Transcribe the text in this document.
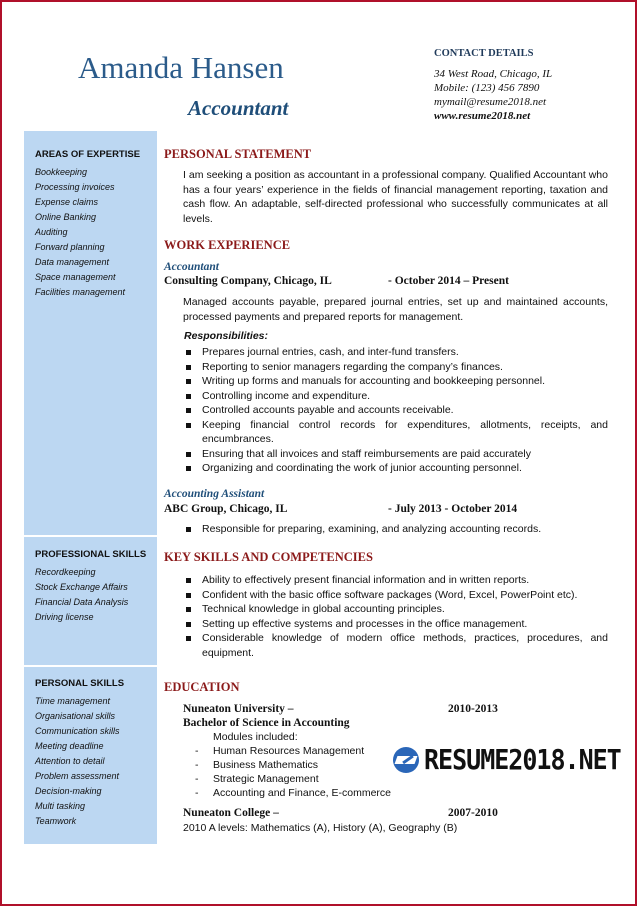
Amanda Hansen
Accountant
CONTACT DETAILS
34 West Road, Chicago, IL
Mobile: (123) 456 7890
mymail@resume2018.net
www.resume2018.net
AREAS OF EXPERTISE
Bookkeeping
Processing invoices
Expense claims
Online Banking
Auditing
Forward planning
Data management
Space management
Facilities management
PROFESSIONAL SKILLS
Recordkeeping
Stock Exchange Affairs
Financial Data Analysis
Driving license
PERSONAL SKILLS
Time management
Organisational skills
Communication skills
Meeting deadline
Attention to detail
Problem assessment
Decision-making
Multi tasking
Teamwork
PERSONAL STATEMENT
I am seeking a position as accountant in a professional company. Qualified Accountant who has a four years’ experience in the fields of financial management reporting, taxation and cash flow. An adaptable, self-directed professional who successfully communicates at all levels.
WORK EXPERIENCE
Accountant
Consulting Company, Chicago, IL	- October 2014 – Present
Managed accounts payable, prepared journal entries, set up and maintained accounts, processed payments and prepared reports for management.
Responsibilities:
Prepares journal entries, cash, and inter-fund transfers.
Reporting to senior managers regarding the company’s finances.
Writing up forms and manuals for accounting and bookkeeping personnel.
Controlling income and expenditure.
Controlled accounts payable and accounts receivable.
Keeping financial control records for expenditures, allotments, receipts, and encumbrances.
Ensuring that all invoices and staff reimbursements are paid accurately
Organizing and coordinating the work of junior accounting personnel.
Accounting Assistant
ABC Group, Chicago, IL	- July 2013 - October 2014
Responsible for preparing, examining, and analyzing accounting records.
KEY SKILLS AND COMPETENCIES
Ability to effectively present financial information and in written reports.
Confident with the basic office software packages (Word, Excel, PowerPoint etc).
Technical knowledge in global accounting principles.
Setting up effective systems and processes in the office management.
Considerable knowledge of modern office methods, practices, procedures, and equipment.
EDUCATION
Nuneaton University –	2010-2013
Bachelor of Science in Accounting
Modules included:
- Human Resources Management
- Business Mathematics
- Strategic Management
- Accounting and Finance, E-commerce
Nuneaton College –	2007-2010
2010 A levels: Mathematics (A), History (A), Geography (B)
RESUME2018.NET
